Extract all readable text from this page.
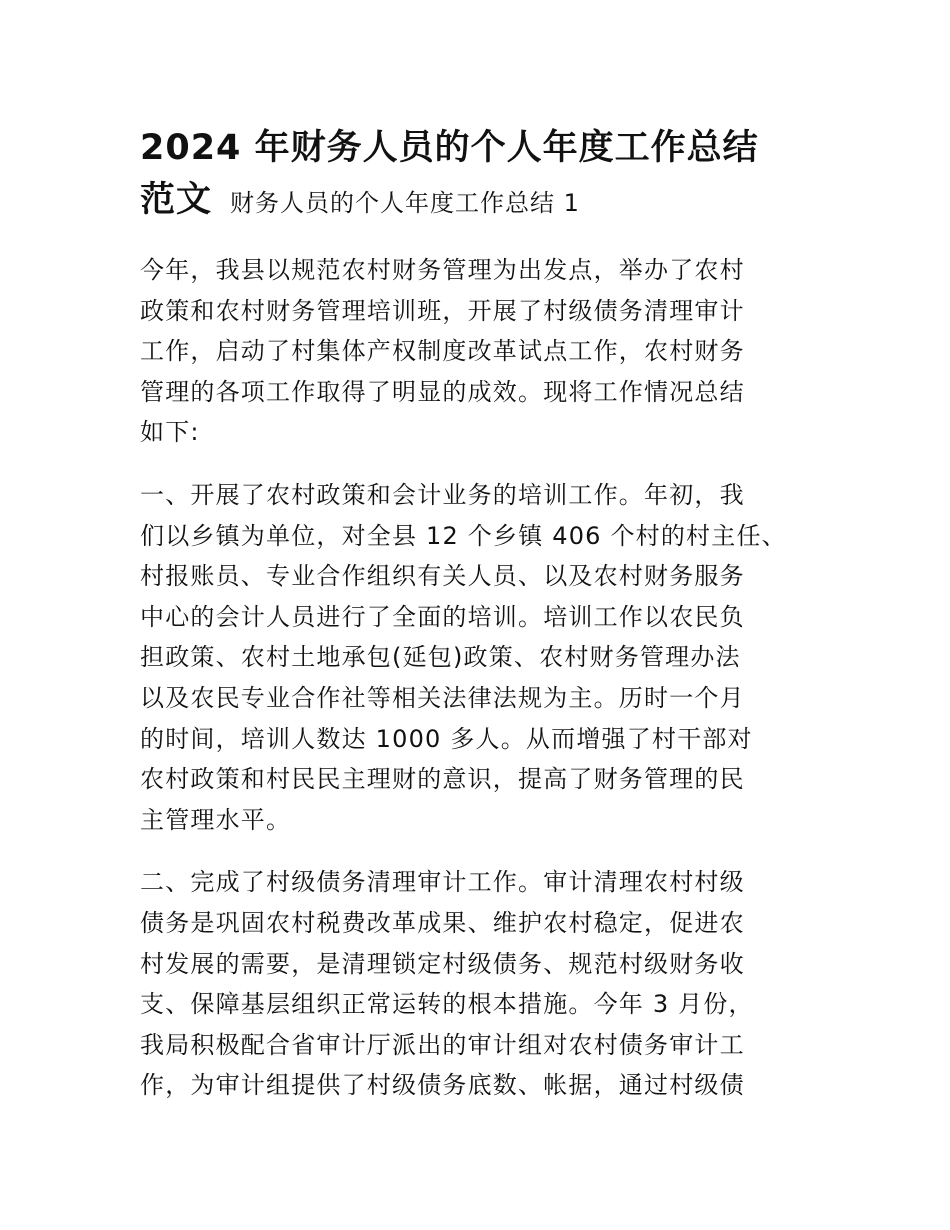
2024 年财务人员的个人年度工作总结
范文 财务人员的个人年度工作总结 1

今年，我县以规范农村财务管理为出发点，举办了农村
政策和农村财务管理培训班，开展了村级债务清理审计
工作，启动了村集体产权制度改革试点工作，农村财务
管理的各项工作取得了明显的成效。现将工作情况总结
如下:

一、开展了农村政策和会计业务的培训工作。年初，我
们以乡镇为单位，对全县 12 个乡镇 406 个村的村主任、
村报账员、专业合作组织有关人员、以及农村财务服务
中心的会计人员进行了全面的培训。培训工作以农民负
担政策、农村土地承包(延包)政策、农村财务管理办法
以及农民专业合作社等相关法律法规为主。历时一个月
的时间，培训人数达 1000 多人。从而增强了村干部对
农村政策和村民民主理财的意识，提高了财务管理的民
主管理水平。

二、完成了村级债务清理审计工作。审计清理农村村级
债务是巩固农村税费改革成果、维护农村稳定，促进农
村发展的需要，是清理锁定村级债务、规范村级财务收
支、保障基层组织正常运转的根本措施。今年 3 月份，
我局积极配合省审计厅派出的审计组对农村债务审计工
作，为审计组提供了村级债务底数、帐据，通过村级债
